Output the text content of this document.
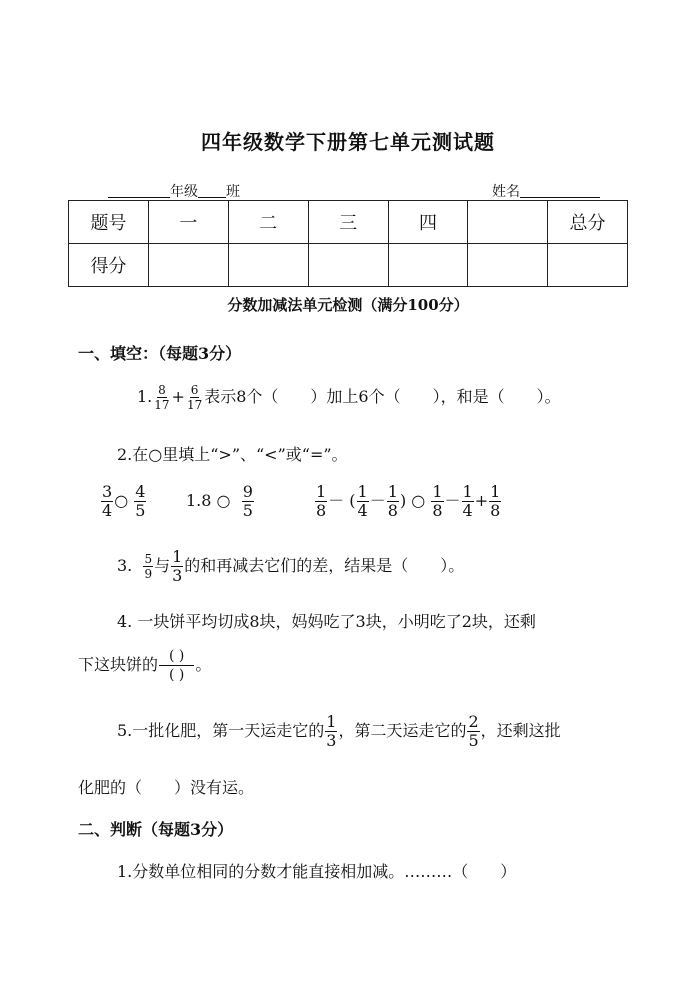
四年级数学下册第七单元测试题
年级 班	姓名
题号	一	二	三	四		总分
得分						
分数加减法单元检测（满分100分）
一、填空：（每题3分）
1. $\frac{8}{17} + \frac{6}{17}$ 表示8个（　　）加上6个（　　），和是（　　）。
2.在○里填上“>”、“<”或“=”。
$\frac{3}{4}$ ○ $\frac{4}{5} 1.8$ ○ $\frac{9}{5}$	$\frac{1}{8}$ － ( $\frac{1}{4} - \frac{1}{8}$ ) ○ $\frac{1}{8} - \frac{1}{4} + \frac{1}{8}$
3. $\frac{5}{9}$ 与 $\frac{1}{3}$ 的和再减去它们的差，结果是（　　）。
4. 一块饼平均切成8块，妈妈吃了3块，小明吃了2块，还剩
下这块饼的 $\frac{( )}{( )}$ 。
5.一批化肥，第一天运走它的 $\frac{1}{3}$ ，第二天运走它的 $\frac{2}{5}$ ，还剩这批
化肥的（　　）没有运。
二、判断（每题3分）
1.分数单位相同的分数才能直接相加减。………（　　）
